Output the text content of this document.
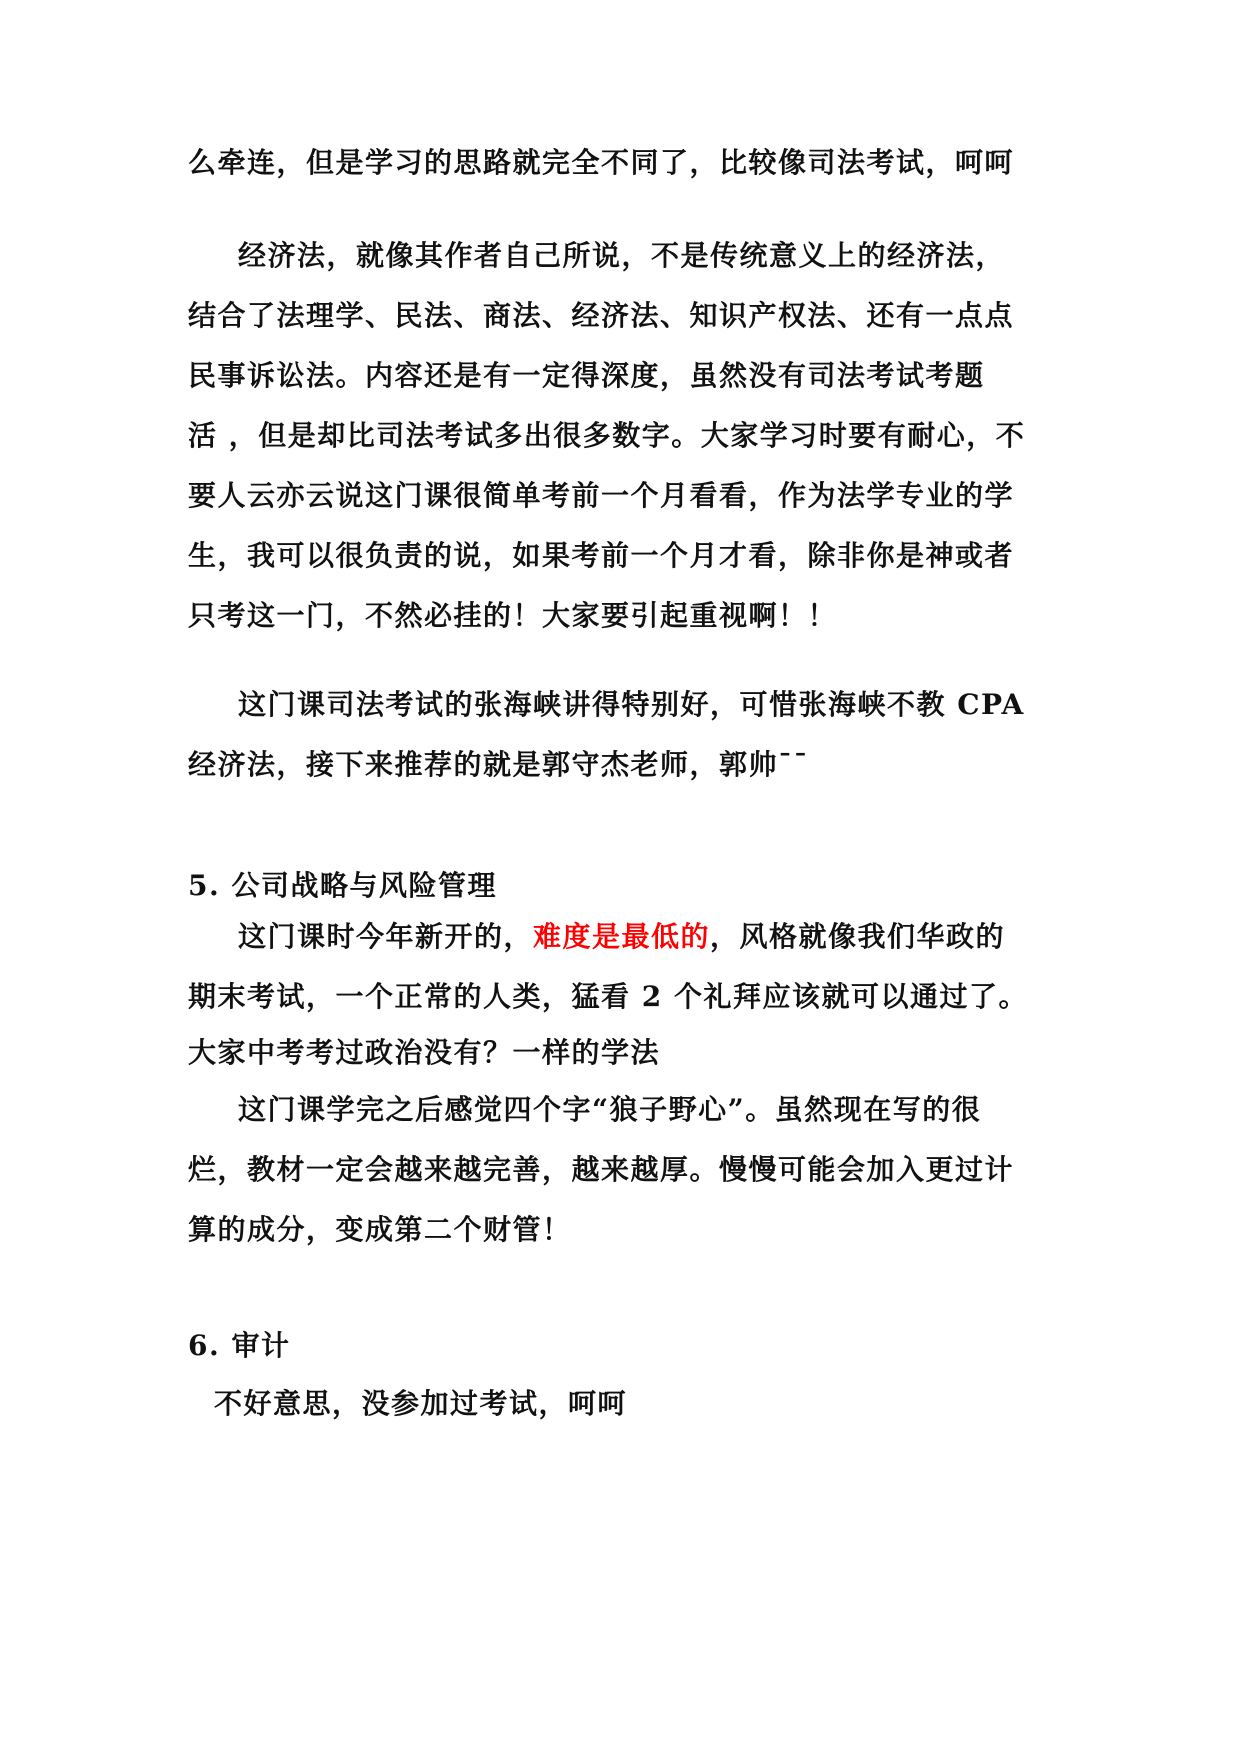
么牵连，但是学习的思路就完全不同了，比较像司法考试，呵呵
经济法，就像其作者自己所说，不是传统意义上的经济法，
结合了法理学、民法、商法、经济法、知识产权法、还有一点点
民事诉讼法。内容还是有一定得深度，虽然没有司法考试考题
活 ，但是却比司法考试多出很多数字。大家学习时要有耐心，不
要人云亦云说这门课很简单考前一个月看看，作为法学专业的学
生，我可以很负责的说，如果考前一个月才看，除非你是神或者
只考这一门，不然必挂的！大家要引起重视啊！！
这门课司法考试的张海峡讲得特别好，可惜张海峡不教 CPA
经济法，接下来推荐的就是郭守杰老师，郭帅¯¯
5. 公司战略与风险管理
这门课时今年新开的，难度是最低的，风格就像我们华政的
期末考试，一个正常的人类，猛看 2 个礼拜应该就可以通过了。
大家中考考过政治没有？一样的学法
这门课学完之后感觉四个字“狼子野心”。虽然现在写的很
烂，教材一定会越来越完善，越来越厚。慢慢可能会加入更过计
算的成分，变成第二个财管！
6. 审计
不好意思，没参加过考试，呵呵
